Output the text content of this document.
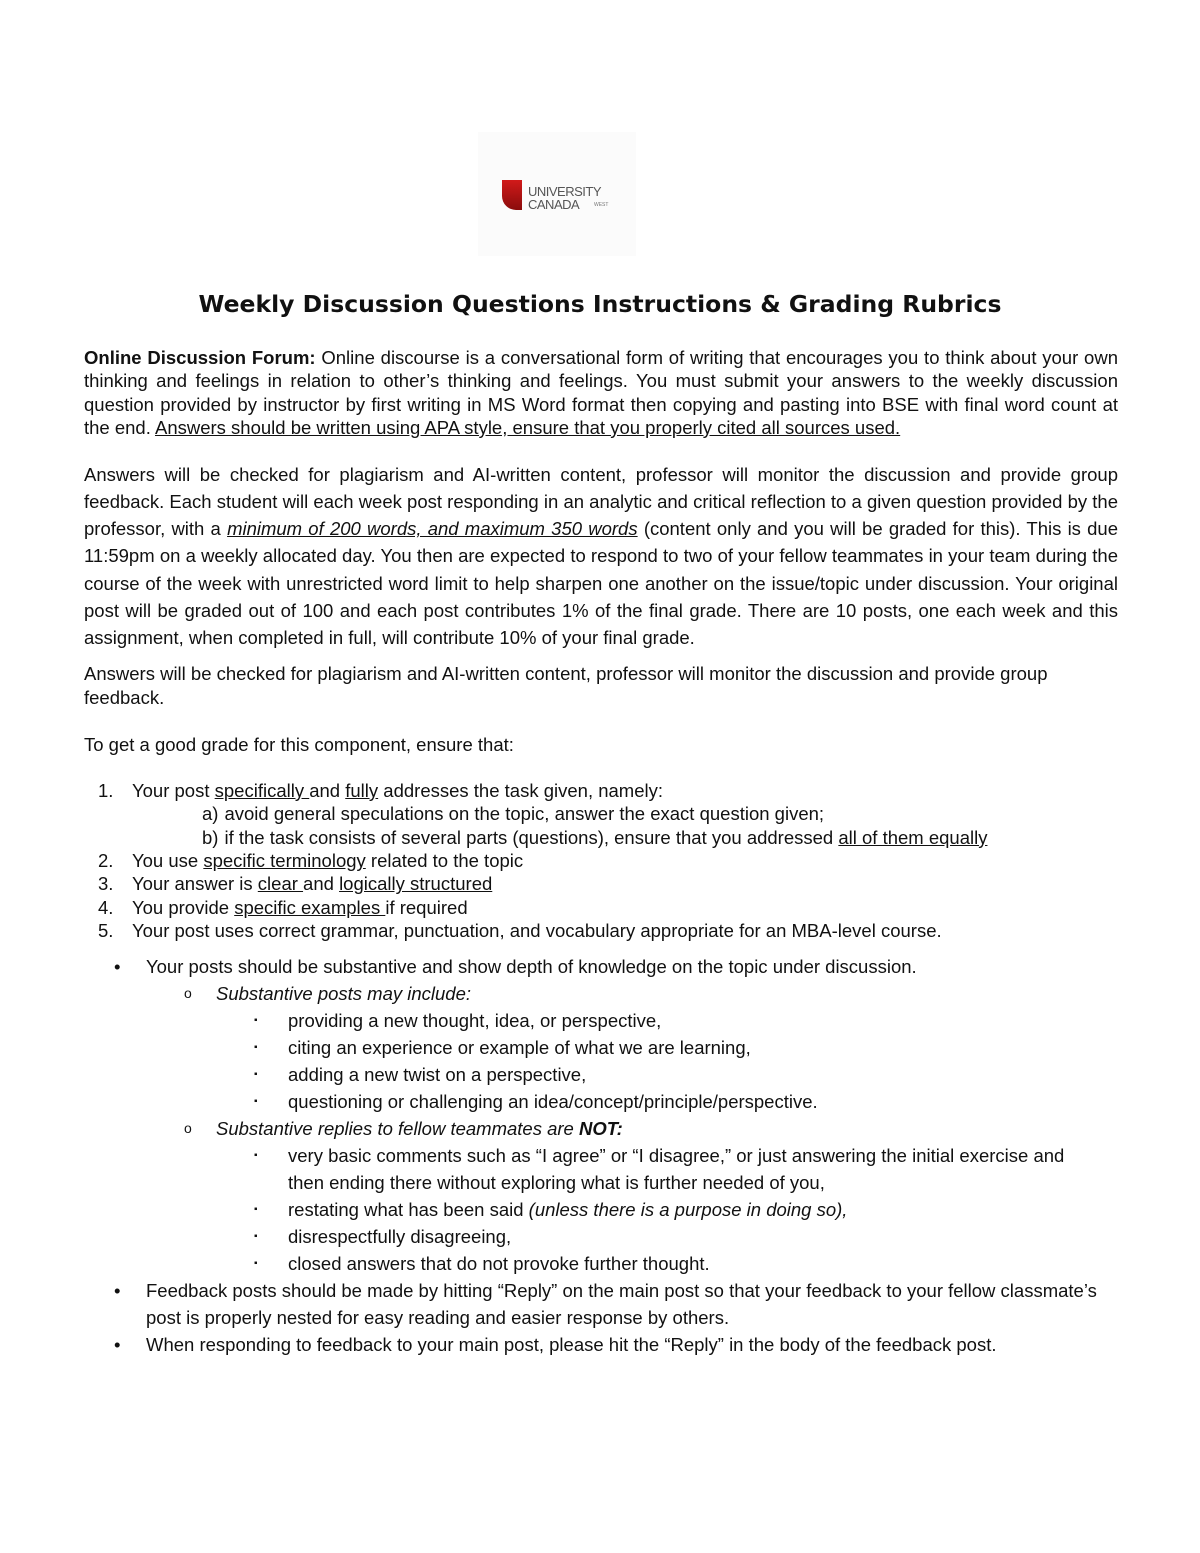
UNIVERSITY
CANADA	WEST
Weekly Discussion Questions Instructions & Grading Rubrics

Online Discussion Forum: Online discourse is a conversational form of writing that encourages you to think about your own thinking and feelings in relation to other’s thinking and feelings. You must submit your answers to the weekly discussion question provided by instructor by first writing in MS Word format then copying and pasting into BSE with final word count at the end. Answers should be written using APA style, ensure that you properly cited all sources used.

Answers will be checked for plagiarism and AI-written content, professor will monitor the discussion and provide group feedback. Each student will each week post responding in an analytic and critical reflection to a given question provided by the professor, with a minimum of 200 words, and maximum 350 words (content only and you will be graded for this). This is due 11:59pm on a weekly allocated day. You then are expected to respond to two of your fellow teammates in your team during the course of the week with unrestricted word limit to help sharpen one another on the issue/topic under discussion. Your original post will be graded out of 100 and each post contributes 1% of the final grade. There are 10 posts, one each week and this assignment, when completed in full, will contribute 10% of your final grade.

Answers will be checked for plagiarism and AI-written content, professor will monitor the discussion and provide group feedback.

To get a good grade for this component, ensure that:

1. Your post specifically and fully addresses the task given, namely:
a) avoid general speculations on the topic, answer the exact question given;
b) if the task consists of several parts (questions), ensure that you addressed all of them equally
2. You use specific terminology related to the topic
3. Your answer is clear and logically structured
4. You provide specific examples if required
5. Your post uses correct grammar, punctuation, and vocabulary appropriate for an MBA-level course.
• Your posts should be substantive and show depth of knowledge on the topic under discussion.
o Substantive posts may include:
▪ providing a new thought, idea, or perspective,
▪ citing an experience or example of what we are learning,
▪ adding a new twist on a perspective,
▪ questioning or challenging an idea/concept/principle/perspective.
o Substantive replies to fellow teammates are NOT:
▪ very basic comments such as “I agree” or “I disagree,” or just answering the initial exercise and then ending there without exploring what is further needed of you,
▪ restating what has been said (unless there is a purpose in doing so),
▪ disrespectfully disagreeing,
▪ closed answers that do not provoke further thought.
• Feedback posts should be made by hitting “Reply” on the main post so that your feedback to your fellow classmate’s post is properly nested for easy reading and easier response by others.
• When responding to feedback to your main post, please hit the “Reply” in the body of the feedback post.
